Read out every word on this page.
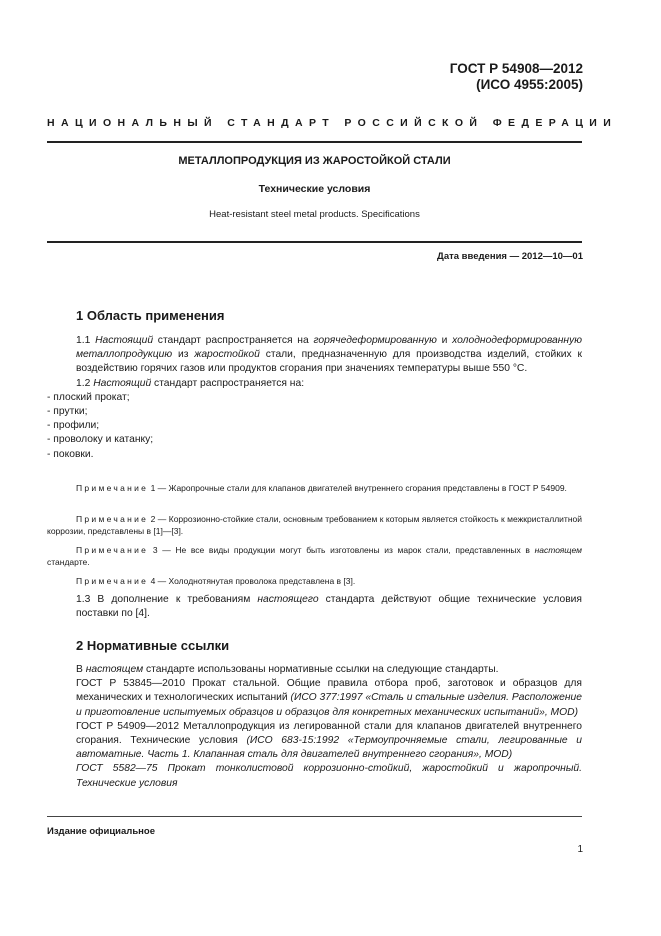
ГОСТ Р 54908—2012
(ИСО 4955:2005)
НАЦИОНАЛЬНЫЙ СТАНДАРТ РОССИЙСКОЙ ФЕДЕРАЦИИ
МЕТАЛЛОПРОДУКЦИЯ ИЗ ЖАРОСТОЙКОЙ СТАЛИ
Технические условия
Heat-resistant steel metal products. Specifications
Дата введения — 2012—10—01
1 Область применения

1.1 Настоящий стандарт распространяется на горячедеформированную и холоднодеформированную металлопродукцию из жаростойкой стали, предназначенную для производства изделий, стойких к воздействию горячих газов или продуктов сгорания при значениях температуры выше 550 °С.

1.2 Настоящий стандарт распространяется на:

- плоский прокат;

- прутки;

- профили;

- проволоку и катанку;

- поковки.

Примечание 1 — Жаропрочные стали для клапанов двигателей внутреннего сгорания представлены в ГОСТ Р 54909.
Примечание 2 — Коррозионно-стойкие стали, основным требованием к которым является стойкость к межкристаллитной коррозии, представлены в [1]—[3].
Примечание 3 — Не все виды продукции могут быть изготовлены из марок стали, представленных в настоящем стандарте.
Примечание 4 — Холоднотянутая проволока представлена в [3].

1.3 В дополнение к требованиям настоящего стандарта действуют общие технические условия поставки по [4].

2 Нормативные ссылки

В настоящем стандарте использованы нормативные ссылки на следующие стандарты.

ГОСТ Р 53845—2010 Прокат стальной. Общие правила отбора проб, заготовок и образцов для механических и технологических испытаний (ИСО 377:1997 «Сталь и стальные изделия. Расположение и приготовление испытуемых образцов и образцов для конкретных механических испытаний», MOD)

ГОСТ Р 54909—2012 Металлопродукция из легированной стали для клапанов двигателей внутреннего сгорания. Технические условия (ИСО 683-15:1992 «Термоупрочняемые стали, легированные и автоматные. Часть 1. Клапанная сталь для двигателей внутреннего сгорания», MOD)

ГОСТ 5582—75 Прокат тонколистовой коррозионно-стойкий, жаростойкий и жаропрочный. Технические условия

Издание официальное
1
